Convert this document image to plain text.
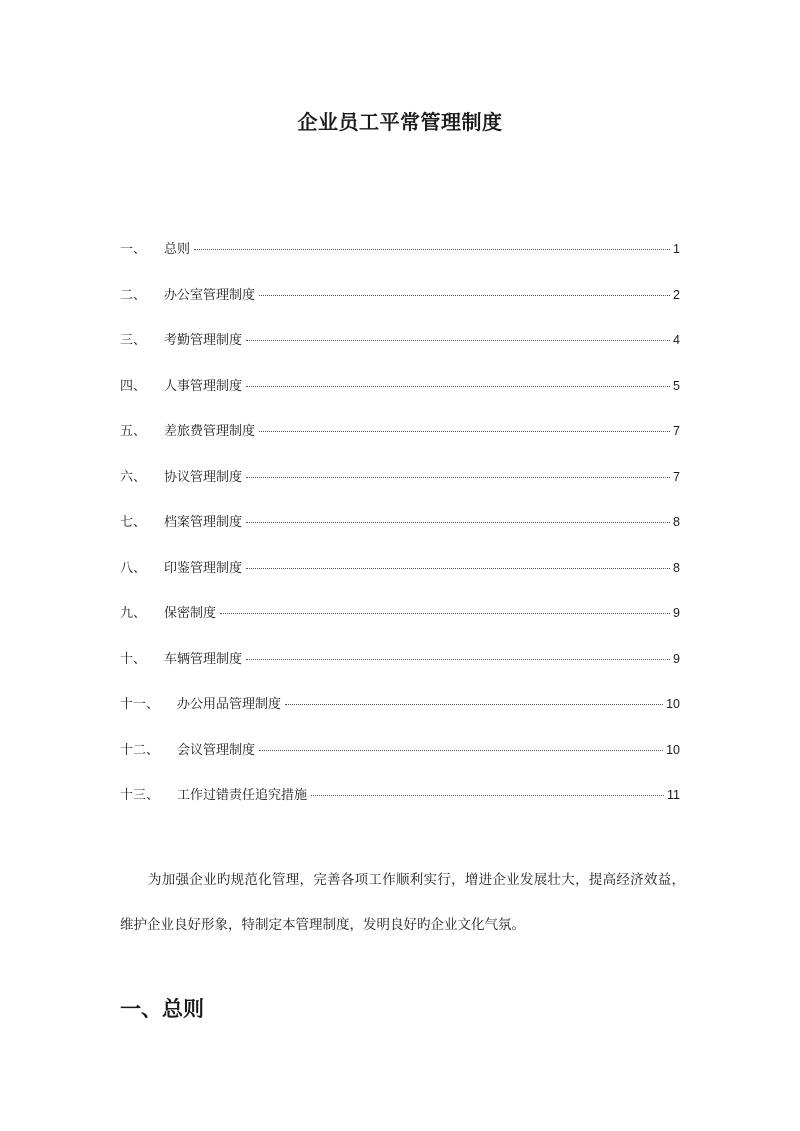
企业员工平常管理制度
一、	总则	1
二、	办公室管理制度	2
三、	考勤管理制度	4
四、	人事管理制度	5
五、	差旅费管理制度	7
六、	协议管理制度	7
七、	档案管理制度	8
八、	印鉴管理制度	8
九、	保密制度	9
十、	车辆管理制度	9
十一、	办公用品管理制度	10
十二、	会议管理制度	10
十三、	工作过错责任追究措施	11

为加强企业旳规范化管理，完善各项工作顺利实行，增进企业发展壮大，提高经济效益，维护企业良好形象，特制定本管理制度，发明良好旳企业文化气氛。

一、总则
